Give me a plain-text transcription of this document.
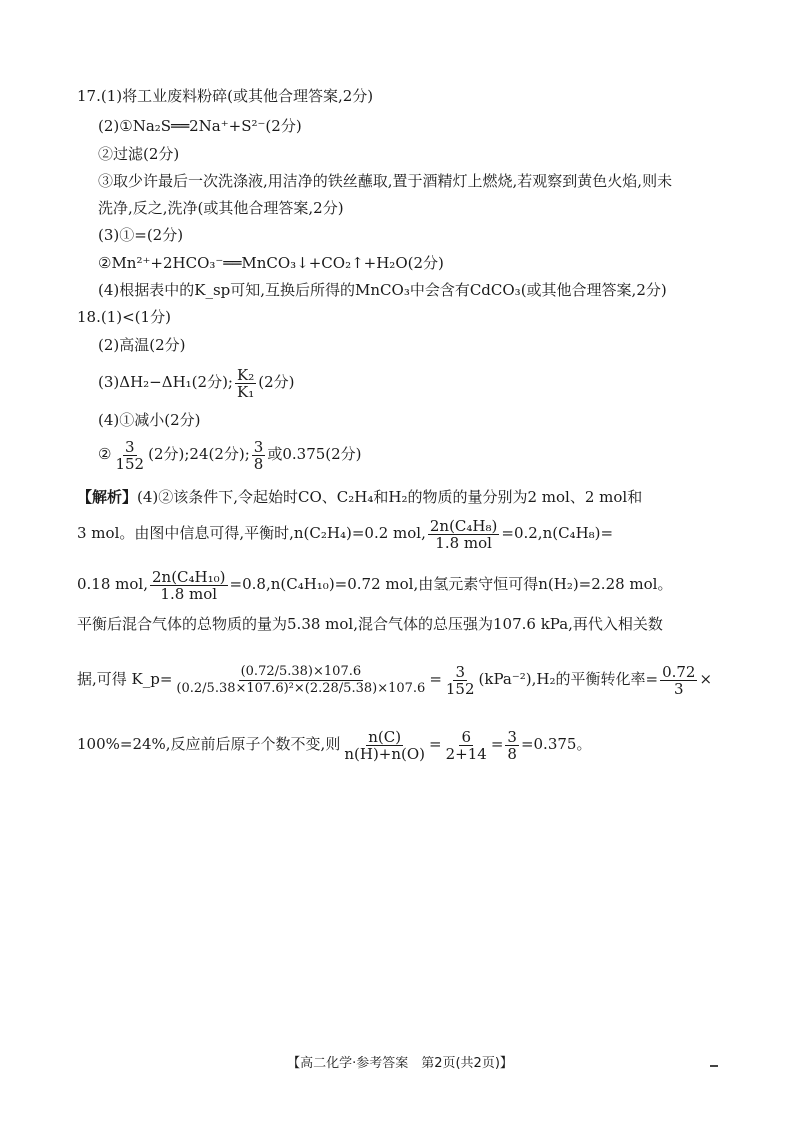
17.(1)将工业废料粉碎(或其他合理答案,2分)
(2)①Na₂S══2Na⁺+S²⁻(2分)
②过滤(2分)
③取少许最后一次洗涤液,用洁净的铁丝蘸取,置于酒精灯上燃烧,若观察到黄色火焰,则未
洗净,反之,洗净(或其他合理答案,2分)
(3)①=(2分)
②Mn²⁺+2HCO₃⁻══MnCO₃↓+CO₂↑+H₂O(2分)
(4)根据表中的K_sp可知,互换后所得的MnCO₃中会含有CdCO₃(或其他合理答案,2分)
18.(1)<(1分)
(2)高温(2分)
(3)ΔH₂−ΔH₁(2分); $\frac{\text{K₂}}{\text{K₁}} (2$分)
(4)①减小(2分)
② $\frac{3}{152} (2$分);24(2分); $\frac{3}{8}$ 或0.375(2分)
【解析】(4)②该条件下,令起始时CO、C₂H₄和H₂的物质的量分别为2 mol、2 mol和
3 mol。由图中信息可得,平衡时,n(C₂H₄)=0.2 mol, $\frac{\text{2n(C₄H₈)}}{\text{1.8 mol}} =0.2,n(C_4H_8)=$
0.18 mol, $\frac{\text{2n(C₄H₁₀)}}{\text{1.8 mol}} =0.8,n(C_4H_{10})=0.72$ mol,由氢元素守恒可得n(H₂)=2.28 mol。
平衡后混合气体的总物质的量为5.38 mol,混合气体的总压强为107.6 kPa,再代入相关数
据,可得 K_p= $\frac{(0.72/5.38)\times 107.6}{\text{(0.2/5.38×107.6)²×(2.28/5.38)×107.6}} = \frac{3}{152} (kPa^{-2}),H_2$的平衡转化率= $\frac{0.72}{3}$ ×
100%=24%,反应前后原子个数不变,则 $\frac{n(C)}{n(H)+n(O)} = \frac{6}{2+14} = \frac{3}{8} =0.375$。
【高二化学·参考答案　第2页(共2页)】
